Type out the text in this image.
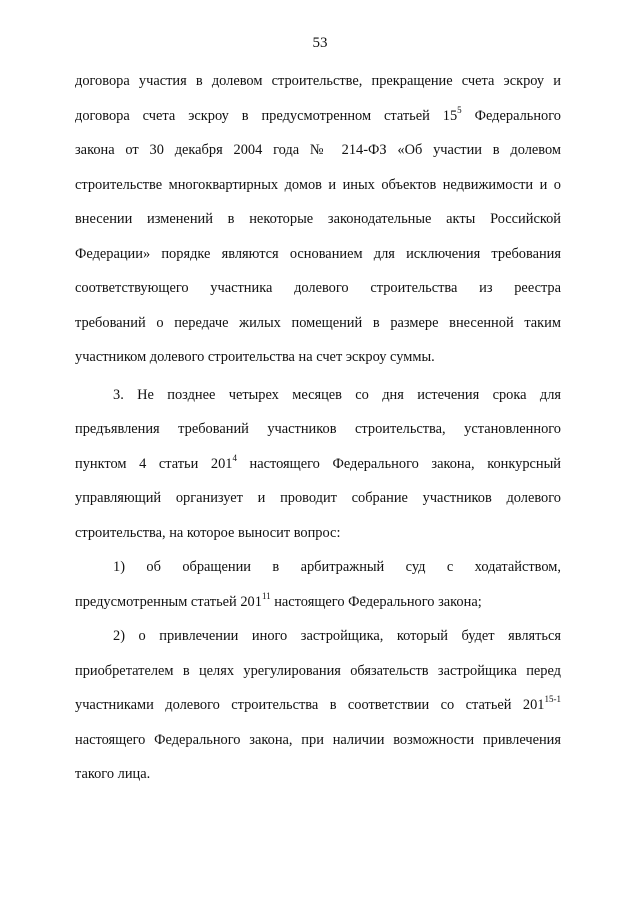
53
договора участия в долевом строительстве, прекращение счета эскроу и
договора счета эскроу в предусмотренном статьей $15^5$ Федерального
закона от 30 декабря 2004 года № 214-ФЗ «Об участии в долевом
строительстве многоквартирных домов и иных объектов недвижимости и о
внесении изменений в некоторые законодательные акты Российской
Федерации» порядке являются основанием для исключения требования
соответствующего участника долевого строительства из реестра
требований о передаче жилых помещений в размере внесенной таким
участником долевого строительства на счет эскроу суммы.
3. Не позднее четырех месяцев со дня истечения срока для
предъявления требований участников строительства, установленного
пунктом 4 статьи $201^4$ настоящего Федерального закона, конкурсный
управляющий организует и проводит собрание участников долевого
строительства, на которое выносит вопрос:
1) об обращении в арбитражный суд с ходатайством,
предусмотренным статьей $201^{11}$ настоящего Федерального закона;
2) о привлечении иного застройщика, который будет являться
приобретателем в целях урегулирования обязательств застройщика перед
участниками долевого строительства в соответствии со статьей 201$^{15-1}$
настоящего Федерального закона, при наличии возможности привлечения
такого лица.
